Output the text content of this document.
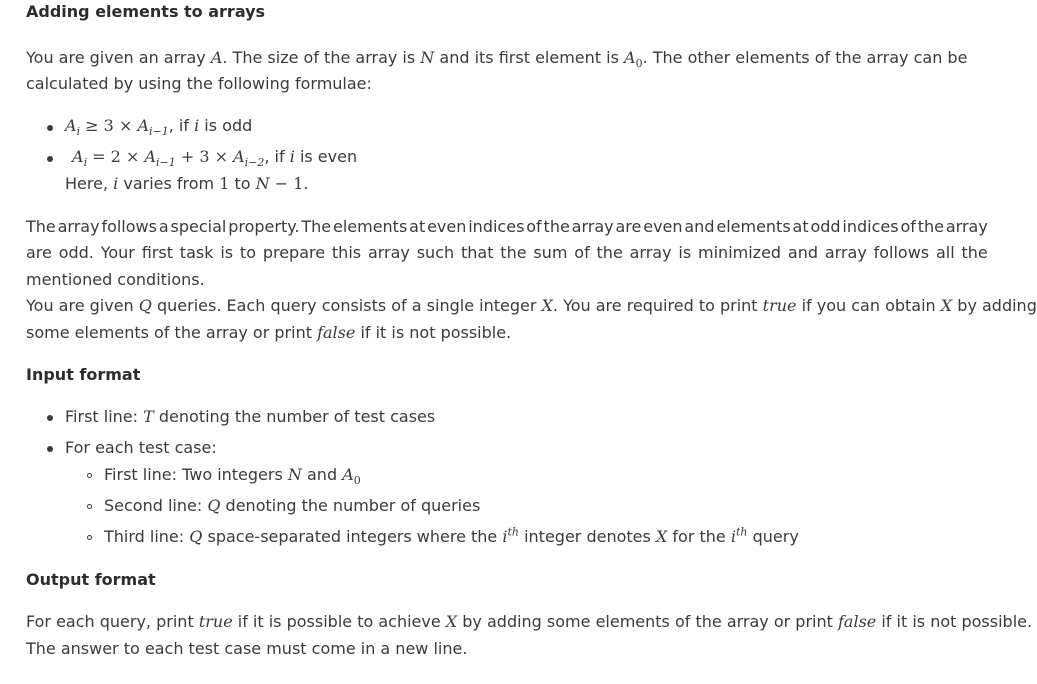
Adding elements to arrays
You are given an array A. The size of the array is N and its first element is $A_0$. The other elements of the array can be
calculated by using the following formulae:
$A_i \ge 3 \times A_{i-1}$, if i is odd
$A_i = 2 \times A_{i-1} + 3 \times A_{i-2}$, if i is even
Here, i varies from 1 to N − 1.
The array follows a special property. The elements at even indices of the array are even and elements at odd indices of the array
are odd. Your first task is to prepare this array such that the sum of the array is minimized and array follows all the
mentioned conditions.
You are given Q queries. Each query consists of a single integer X. You are required to print true if you can obtain X by adding
some elements of the array or print false if it is not possible.
Input format
First line: T denoting the number of test cases
For each test case:
First line: Two integers N and $A_0$
Second line: Q denoting the number of queries
Third line: Q space-separated integers where the $i^{th}$ integer denotes X for the $i^{th}$ query
Output format
For each query, print true if it is possible to achieve X by adding some elements of the array or print false if it is not possible.
The answer to each test case must come in a new line.
